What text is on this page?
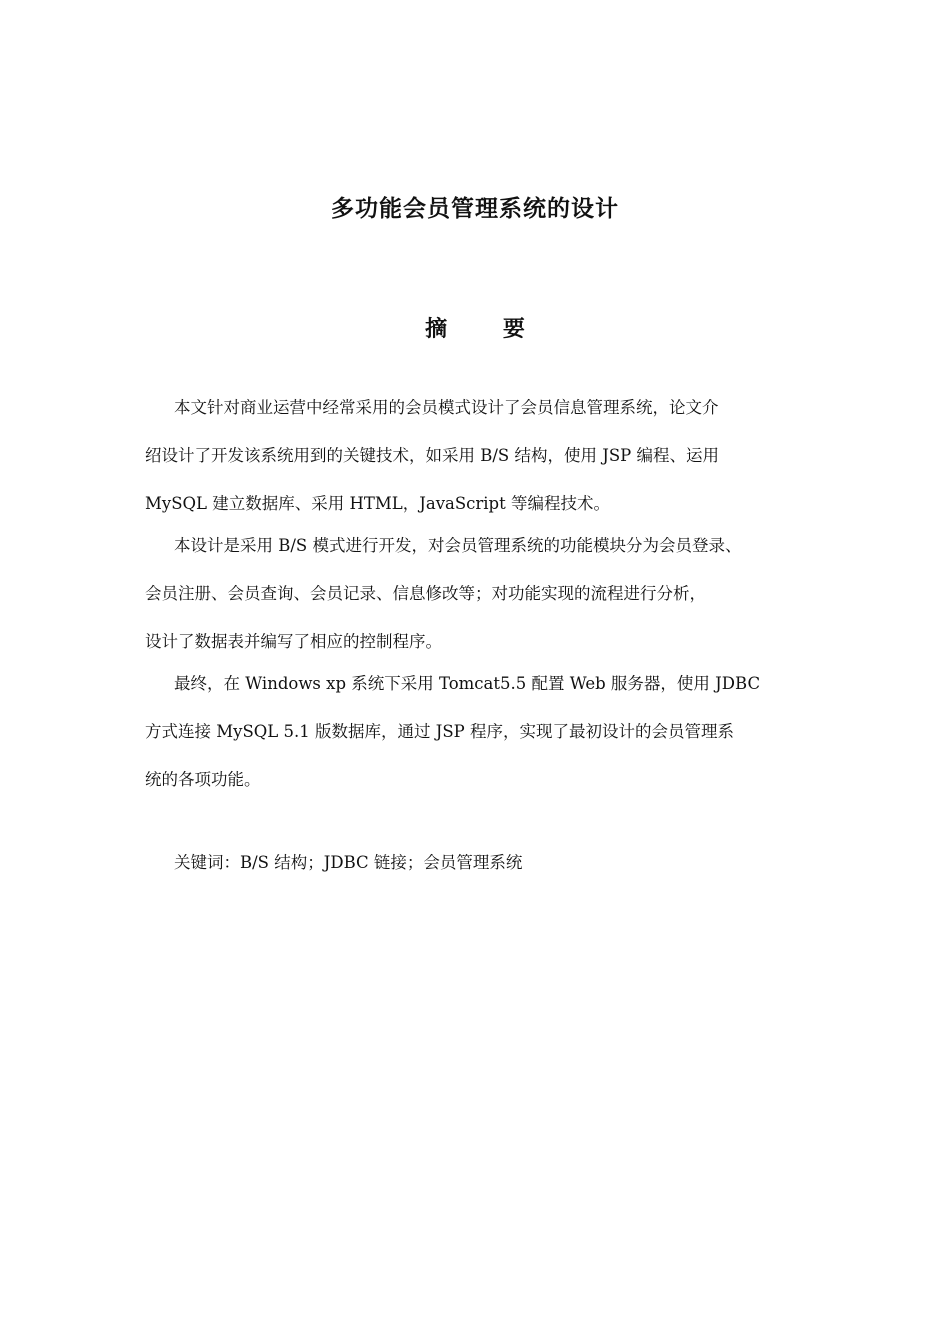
多功能会员管理系统的设计
摘 要

本文针对商业运营中经常采用的会员模式设计了会员信息管理系统，论文介
绍设计了开发该系统用到的关键技术，如采用 B/S 结构，使用 JSP 编程、运用
MySQL 建立数据库、采用 HTML，JavaScript 等编程技术。

本设计是采用 B/S 模式进行开发，对会员管理系统的功能模块分为会员登录、
会员注册、会员查询、会员记录、信息修改等；对功能实现的流程进行分析，
设计了数据表并编写了相应的控制程序。

最终，在 Windows xp 系统下采用 Tomcat5.5 配置 Web 服务器，使用 JDBC
方式连接 MySQL 5.1 版数据库，通过 JSP 程序，实现了最初设计的会员管理系
统的各项功能。

关键词：B/S 结构；JDBC 链接；会员管理系统
